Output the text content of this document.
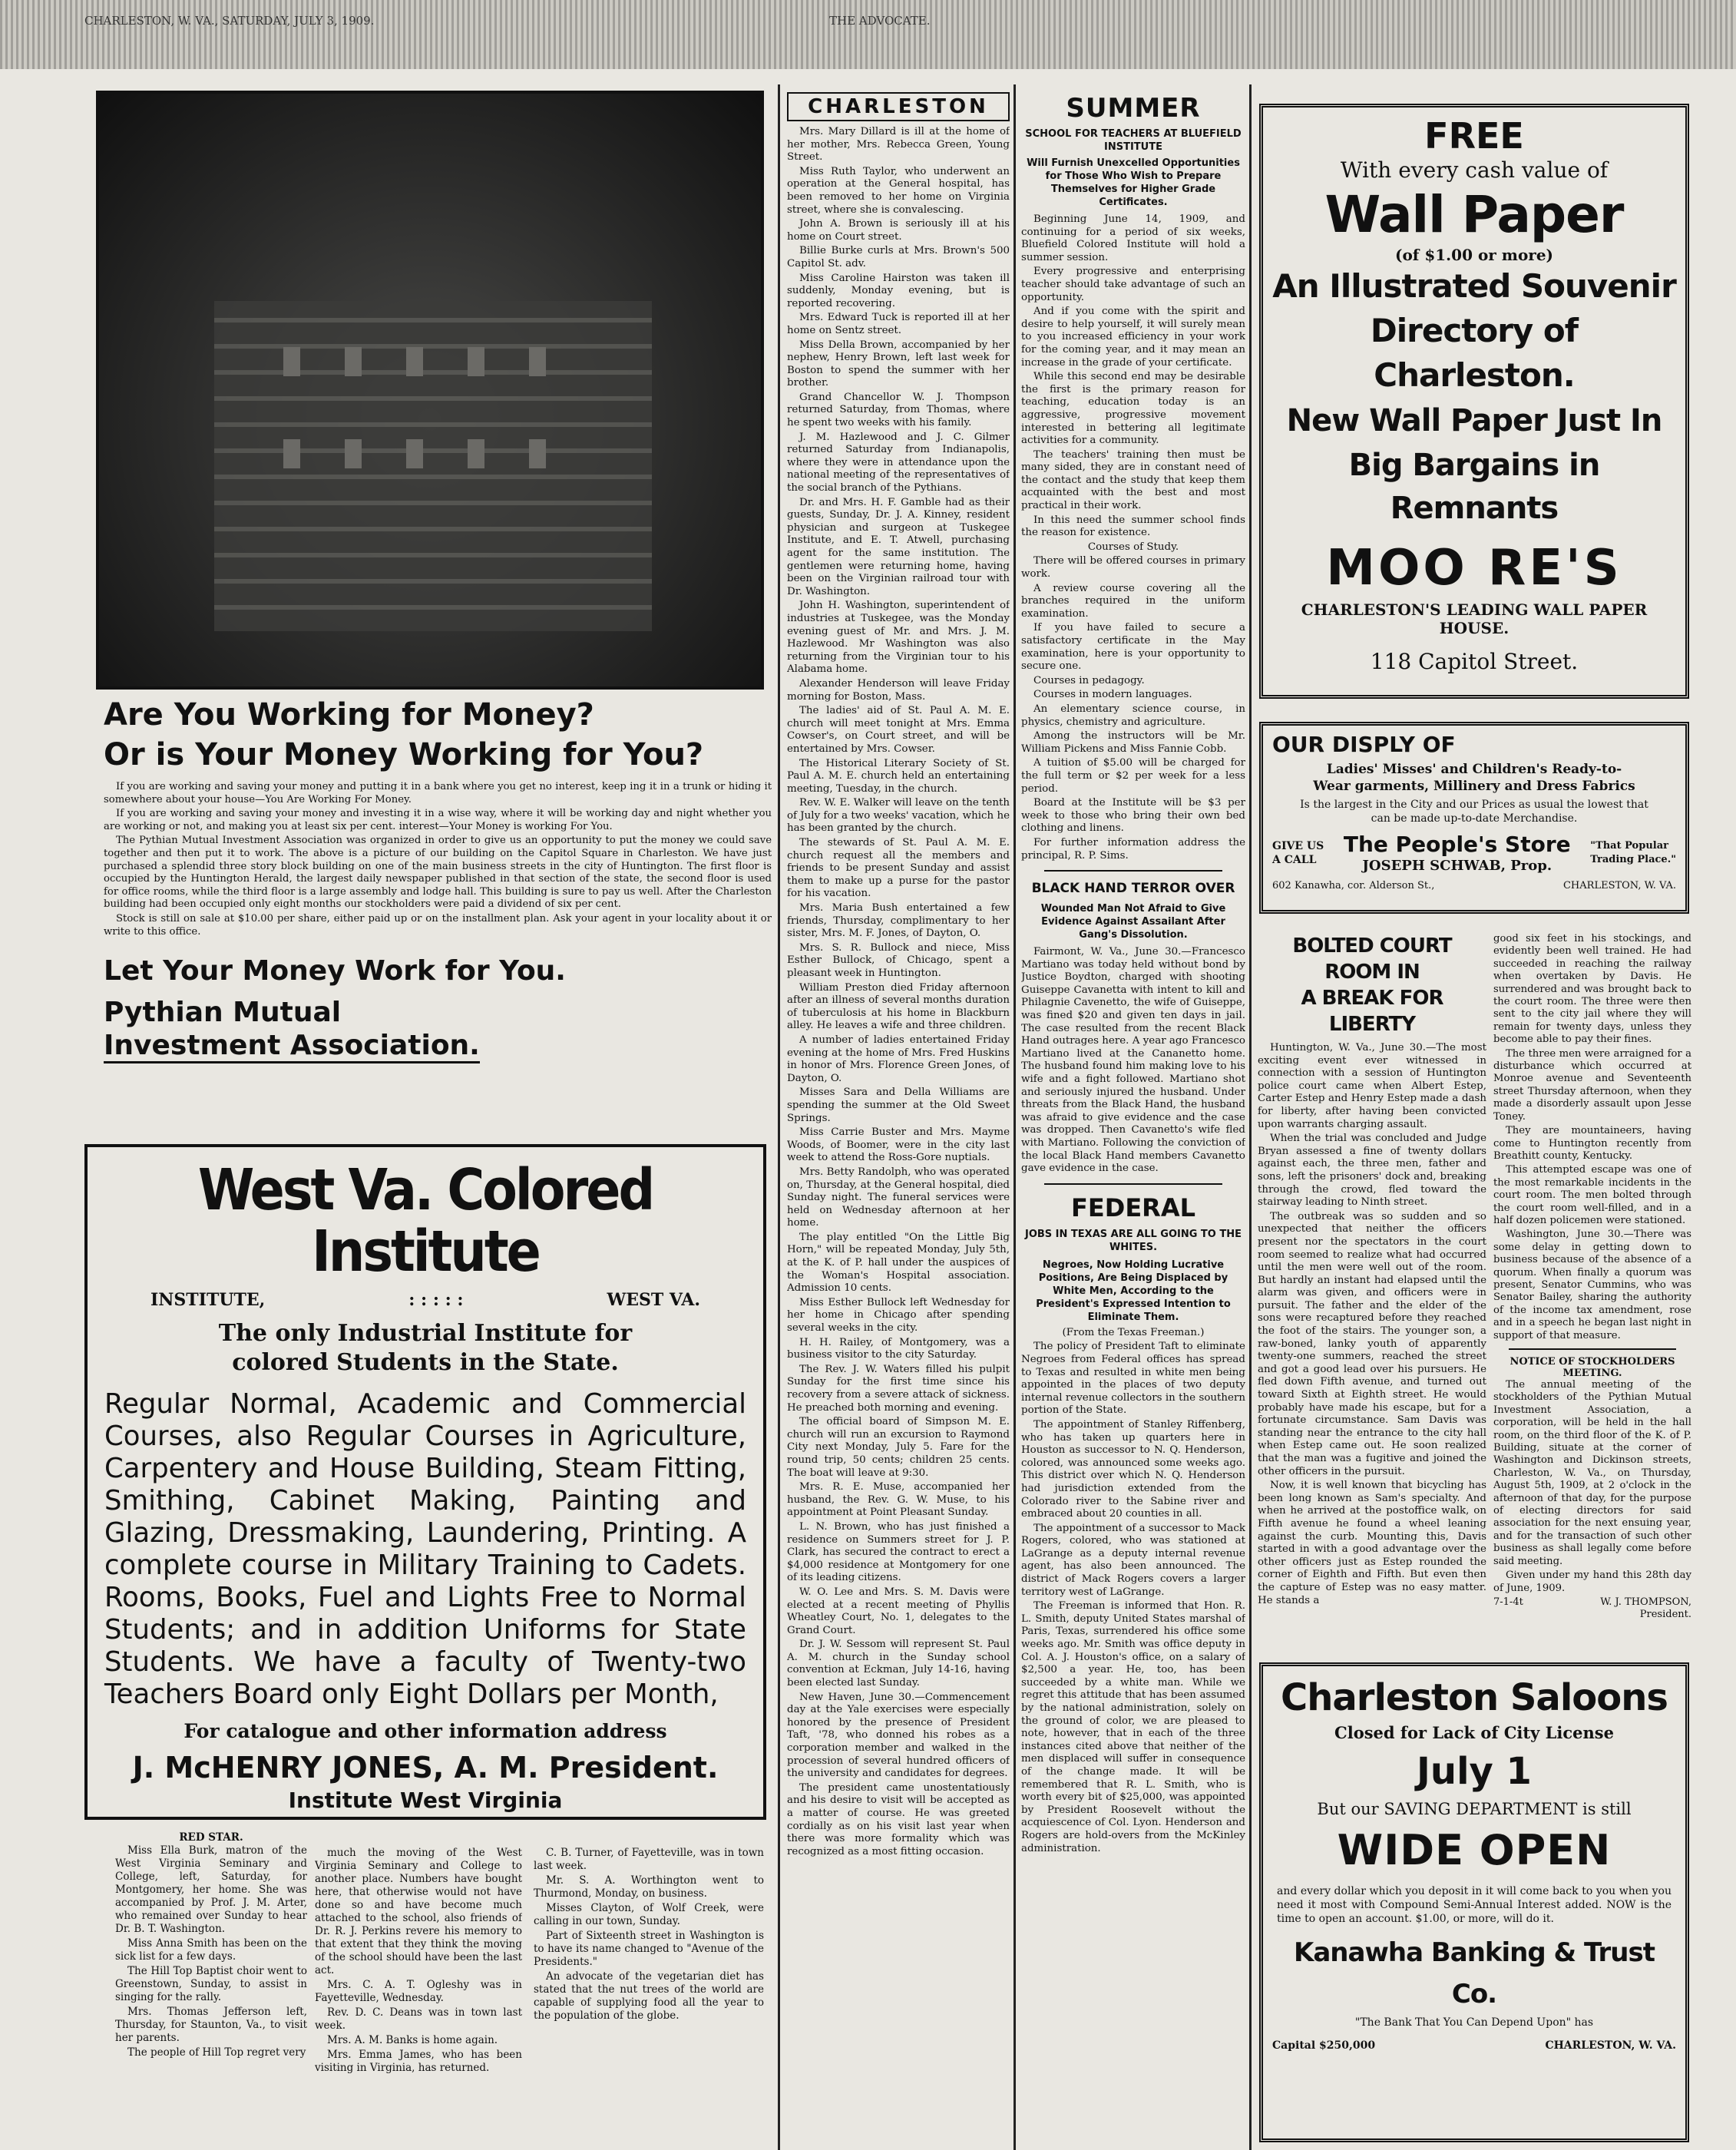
CHARLESTON, W. VA., SATURDAY, JULY 3, 1909.	THE ADVOCATE.
Are You Working for Money?
Or is Your Money Working for You?

If you are working and saving your money and putting it in a bank where you get no interest, keep ing it in a trunk or hiding it somewhere about your house—You Are Working For Money.

If you are working and saving your money and investing it in a wise way, where it will be working day and night whether you are working or not, and making you at least six per cent. interest—Your Money is working For You.

The Pythian Mutual Investment Association was organized in order to give us an opportunity to put the money we could save together and then put it to work. The above is a picture of our building on the Capitol Square in Charleston. We have just purchased a splendid three story block building on one of the main business streets in the city of Huntington. The first floor is occupied by the Huntington Herald, the largest daily newspaper published in that section of the state, the second floor is used for office rooms, while the third floor is a large assembly and lodge hall. This building is sure to pay us well. After the Charleston building had been occupied only eight months our stockholders were paid a dividend of six per cent.

Stock is still on sale at $10.00 per share, either paid up or on the installment plan. Ask your agent in your locality about it or write to this office.

Let Your Money Work for You.
Pythian Mutual
Investment Association.
West Va. Colored Institute
INSTITUTE,	: : : : :	WEST VA.
The only Industrial Institute for
colored Students in the State.
Regular Normal, Academic and Commercial Courses, also Regular Courses in Agriculture, Carpentery and House Building, Steam Fitting, Smithing, Cabinet Making, Painting and Glazing, Dressmaking, Laundering, Printing. A complete course in Military Training to Cadets. Rooms, Books, Fuel and Lights Free to Normal Students; and in addition Uniforms for State Students. We have a faculty of Twenty-two Teachers Board only Eight Dollars per Month,
For catalogue and other information address
J. McHENRY JONES, A. M. President.
Institute West Virginia
RED STAR.

Miss Ella Burk, matron of the West Virginia Seminary and College, left, Saturday, for Montgomery, her home. She was accompanied by Prof. J. M. Arter, who remained over Sunday to hear Dr. B. T. Washington.

Miss Anna Smith has been on the sick list for a few days.

The Hill Top Baptist choir went to Greenstown, Sunday, to assist in singing for the rally.

Mrs. Thomas Jefferson left, Thursday, for Staunton, Va., to visit her parents.

The people of Hill Top regret very

much the moving of the West Virginia Seminary and College to another place. Numbers have bought here, that otherwise would not have done so and have become much attached to the school, also friends of Dr. R. J. Perkins revere his memory to that extent that they think the moving of the school should have been the last act.

Mrs. C. A. T. Ogleshy was in Fayetteville, Wednesday.

Rev. D. C. Deans was in town last week.

Mrs. A. M. Banks is home again.

Mrs. Emma James, who has been visiting in Virginia, has returned.

C. B. Turner, of Fayetteville, was in town last week.

Mr. S. A. Worthington went to Thurmond, Monday, on business.

Misses Clayton, of Wolf Creek, were calling in our town, Sunday.

Part of Sixteenth street in Washington is to have its name changed to "Avenue of the Presidents."

An advocate of the vegetarian diet has stated that the nut trees of the world are capable of supplying food all the year to the population of the globe.

CHARLESTON

Mrs. Mary Dillard is ill at the home of her mother, Mrs. Rebecca Green, Young Street.

Miss Ruth Taylor, who underwent an operation at the General hospital, has been removed to her home on Virginia street, where she is convalescing.

John A. Brown is seriously ill at his home on Court street.

Billie Burke curls at Mrs. Brown's 500 Capitol St. adv.

Miss Caroline Hairston was taken ill suddenly, Monday evening, but is reported recovering.

Mrs. Edward Tuck is reported ill at her home on Sentz street.

Miss Della Brown, accompanied by her nephew, Henry Brown, left last week for Boston to spend the summer with her brother.

Grand Chancellor W. J. Thompson returned Saturday, from Thomas, where he spent two weeks with his family.

J. M. Hazlewood and J. C. Gilmer returned Saturday from Indianapolis, where they were in attendance upon the national meeting of the representatives of the social branch of the Pythians.

Dr. and Mrs. H. F. Gamble had as their guests, Sunday, Dr. J. A. Kinney, resident physician and surgeon at Tuskegee Institute, and E. T. Atwell, purchasing agent for the same institution. The gentlemen were returning home, having been on the Virginian railroad tour with Dr. Washington.

John H. Washington, superintendent of industries at Tuskegee, was the Monday evening guest of Mr. and Mrs. J. M. Hazlewood. Mr Washington was also returning from the Virginian tour to his Alabama home.

Alexander Henderson will leave Friday morning for Boston, Mass.

The ladies' aid of St. Paul A. M. E. church will meet tonight at Mrs. Emma Cowser's, on Court street, and will be entertained by Mrs. Cowser.

The Historical Literary Society of St. Paul A. M. E. church held an entertaining meeting, Tuesday, in the church.

Rev. W. E. Walker will leave on the tenth of July for a two weeks' vacation, which he has been granted by the church.

The stewards of St. Paul A. M. E. church request all the members and friends to be present Sunday and assist them to make up a purse for the pastor for his vacation.

Mrs. Maria Bush entertained a few friends, Thursday, complimentary to her sister, Mrs. M. F. Jones, of Dayton, O.

Mrs. S. R. Bullock and niece, Miss Esther Bullock, of Chicago, spent a pleasant week in Huntington.

William Preston died Friday afternoon after an illness of several months duration of tuberculosis at his home in Blackburn alley. He leaves a wife and three children.

A number of ladies entertained Friday evening at the home of Mrs. Fred Huskins in honor of Mrs. Florence Green Jones, of Dayton, O.

Misses Sara and Della Williams are spending the summer at the Old Sweet Springs.

Miss Carrie Buster and Mrs. Mayme Woods, of Boomer, were in the city last week to attend the Ross-Gore nuptials.

Mrs. Betty Randolph, who was operated on, Thursday, at the General hospital, died Sunday night. The funeral services were held on Wednesday afternoon at her home.

The play entitled "On the Little Big Horn," will be repeated Monday, July 5th, at the K. of P. hall under the auspices of the Woman's Hospital association. Admission 10 cents.

Miss Esther Bullock left Wednesday for her home in Chicago after spending several weeks in the city.

H. H. Railey, of Montgomery, was a business visitor to the city Saturday.

The Rev. J. W. Waters filled his pulpit Sunday for the first time since his recovery from a severe attack of sickness. He preached both morning and evening.

The official board of Simpson M. E. church will run an excursion to Raymond City next Monday, July 5. Fare for the round trip, 50 cents; children 25 cents. The boat will leave at 9:30.

Mrs. R. E. Muse, accompanied her husband, the Rev. G. W. Muse, to his appointment at Point Pleasant Sunday.

L. N. Brown, who has just finished a residence on Summers street for J. P. Clark, has secured the contract to erect a $4,000 residence at Montgomery for one of its leading citizens.

W. O. Lee and Mrs. S. M. Davis were elected at a recent meeting of Phyllis Wheatley Court, No. 1, delegates to the Grand Court.

Dr. J. W. Sessom will represent St. Paul A. M. church in the Sunday school convention at Eckman, July 14-16, having been elected last Sunday.

New Haven, June 30.—Commencement day at the Yale exercises were especially honored by the presence of President Taft, '78, who donned his robes as a corporation member and walked in the procession of several hundred officers of the university and candidates for degrees.

The president came unostentatiously and his desire to visit will be accepted as a matter of course. He was greeted cordially as on his visit last year when there was more formality which was recognized as a most fitting occasion.

SUMMER
SCHOOL FOR TEACHERS AT BLUEFIELD INSTITUTE
Will Furnish Unexcelled Opportunities for Those Who Wish to Prepare Themselves for Higher Grade Certificates.

Beginning June 14, 1909, and continuing for a period of six weeks, Bluefield Colored Institute will hold a summer session.

Every progressive and enterprising teacher should take advantage of such an opportunity.

And if you come with the spirit and desire to help yourself, it will surely mean to you increased efficiency in your work for the coming year, and it may mean an increase in the grade of your certificate.

While this second end may be desirable the first is the primary reason for teaching, education today is an aggressive, progressive movement interested in bettering all legitimate activities for a community.

The teachers' training then must be many sided, they are in constant need of the contact and the study that keep them acquainted with the best and most practical in their work.

In this need the summer school finds the reason for existence.

Courses of Study.

There will be offered courses in primary work.

A review course covering all the branches required in the uniform examination.

If you have failed to secure a satisfactory certificate in the May examination, here is your opportunity to secure one.

Courses in pedagogy.

Courses in modern languages.

An elementary science course, in physics, chemistry and agriculture.

Among the instructors will be Mr. William Pickens and Miss Fannie Cobb.

A tuition of $5.00 will be charged for the full term or $2 per week for a less period.

Board at the Institute will be $3 per week to those who bring their own bed clothing and linens.

For further information address the principal, R. P. Sims.

BLACK HAND TERROR OVER
Wounded Man Not Afraid to Give Evidence Against Assailant After Gang's Dissolution.

Fairmont, W. Va., June 30.—Francesco Martiano was today held without bond by Justice Boydton, charged with shooting Guiseppe Cavanetta with intent to kill and Philagnie Cavenetto, the wife of Guiseppe, was fined $20 and given ten days in jail. The case resulted from the recent Black Hand outrages here. A year ago Francesco Martiano lived at the Cananetto home. The husband found him making love to his wife and a fight followed. Martiano shot and seriously injured the husband. Under threats from the Black Hand, the husband was afraid to give evidence and the case was dropped. Then Cavanetto's wife fled with Martiano. Following the conviction of the local Black Hand members Cavanetto gave evidence in the case.

FEDERAL
JOBS IN TEXAS ARE ALL GOING TO THE WHITES.
Negroes, Now Holding Lucrative Positions, Are Being Displaced by White Men, According to the President's Expressed Intention to Eliminate Them.

(From the Texas Freeman.)

The policy of President Taft to eliminate Negroes from Federal offices has spread to Texas and resulted in white men being appointed in the places of two deputy internal revenue collectors in the southern portion of the State.

The appointment of Stanley Riffenberg, who has taken up quarters here in Houston as successor to N. Q. Henderson, colored, was announced some weeks ago. This district over which N. Q. Henderson had jurisdiction extended from the Colorado river to the Sabine river and embraced about 20 counties in all.

The appointment of a successor to Mack Rogers, colored, who was stationed at LaGrange as a deputy internal revenue agent, has also been announced. The district of Mack Rogers covers a larger territory west of LaGrange.

The Freeman is informed that Hon. R. L. Smith, deputy United States marshal of Paris, Texas, surrendered his office some weeks ago. Mr. Smith was office deputy in Col. A. J. Houston's office, on a salary of $2,500 a year. He, too, has been succeeded by a white man. While we regret this attitude that has been assumed by the national administration, solely on the ground of color, we are pleased to note, however, that in each of the three instances cited above that neither of the men displaced will suffer in consequence of the change made. It will be remembered that R. L. Smith, who is worth every bit of $25,000, was appointed by President Roosevelt without the acquiescence of Col. Lyon. Henderson and Rogers are hold-overs from the McKinley administration.

FREE
With every cash value of
Wall Paper
(of $1.00 or more)
An Illustrated Souvenir
Directory of Charleston.
New Wall Paper Just In
Big Bargains in Remnants
MOO RE'S
CHARLESTON'S LEADING WALL PAPER
HOUSE.
118 Capitol Street.
OUR DISPLY OF
Ladies' Misses' and Children's Ready-to-
Wear garments, Millinery and Dress Fabrics
Is the largest in the City and our Prices as usual the lowest that
can be made up-to-date Merchandise.
GIVE US
A CALL
The People's Store
JOSEPH SCHWAB, Prop.
"That Popular
Trading Place."
602 Kanawha, cor. Alderson St.,	CHARLESTON, W. VA.
BOLTED COURT ROOM IN
A BREAK FOR LIBERTY

Huntington, W. Va., June 30.—The most exciting event ever witnessed in connection with a session of Huntington police court came when Albert Estep, Carter Estep and Henry Estep made a dash for liberty, after having been convicted upon warrants charging assault.

When the trial was concluded and Judge Bryan assessed a fine of twenty dollars against each, the three men, father and sons, left the prisoners' dock and, breaking through the crowd, fled toward the stairway leading to Ninth street.

The outbreak was so sudden and so unexpected that neither the officers present nor the spectators in the court room seemed to realize what had occurred until the men were well out of the room. But hardly an instant had elapsed until the alarm was given, and officers were in pursuit. The father and the elder of the sons were recaptured before they reached the foot of the stairs. The younger son, a raw-boned, lanky youth of apparently twenty-one summers, reached the street and got a good lead over his pursuers. He fled down Fifth avenue, and turned out toward Sixth at Eighth street. He would probably have made his escape, but for a fortunate circumstance. Sam Davis was standing near the entrance to the city hall when Estep came out. He soon realized that the man was a fugitive and joined the other officers in the pursuit.

Now, it is well known that bicycling has been long known as Sam's specialty. And when he arrived at the postoffice walk, on Fifth avenue he found a wheel leaning against the curb. Mounting this, Davis started in with a good advantage over the other officers just as Estep rounded the corner of Eighth and Fifth. But even then the capture of Estep was no easy matter. He stands a

good six feet in his stockings, and evidently been well trained. He had succeeded in reaching the railway when overtaken by Davis. He surrendered and was brought back to the court room. The three were then sent to the city jail where they will remain for twenty days, unless they become able to pay their fines.

The three men were arraigned for a disturbance which occurred at Monroe avenue and Seventeenth street Thursday afternoon, when they made a disorderly assault upon Jesse Toney.

They are mountaineers, having come to Huntington recently from Breathitt county, Kentucky.

This attempted escape was one of the most remarkable incidents in the court room. The men bolted through the court room well-filled, and in a half dozen policemen were stationed.

Washington, June 30.—There was some delay in getting down to business because of the absence of a quorum. When finally a quorum was present, Senator Cummins, who was Senator Bailey, sharing the authority of the income tax amendment, rose and in a speech he began last night in support of that measure.

NOTICE OF STOCKHOLDERS
MEETING.

The annual meeting of the stockholders of the Pythian Mutual Investment Association, a corporation, will be held in the hall room, on the third floor of the K. of P. Building, situate at the corner of Washington and Dickinson streets, Charleston, W. Va., on Thursday, August 5th, 1909, at 2 o'clock in the afternoon of that day, for the purpose of electing directors for said association for the next ensuing year, and for the transaction of such other business as shall legally come before said meeting.

Given under my hand this 28th day of June, 1909.

7-1-4t	W. J. THOMPSON,
President.
Charleston Saloons
Closed for Lack of City License
July 1
But our SAVING DEPARTMENT is still
WIDE OPEN
and every dollar which you deposit in it will come back to you when you need it most with Compound Semi-Annual Interest added. NOW is the time to open an account. $1.00, or more, will do it.
Kanawha Banking & Trust Co.
"The Bank That You Can Depend Upon" has
Capital $250,000	CHARLESTON, W. VA.
